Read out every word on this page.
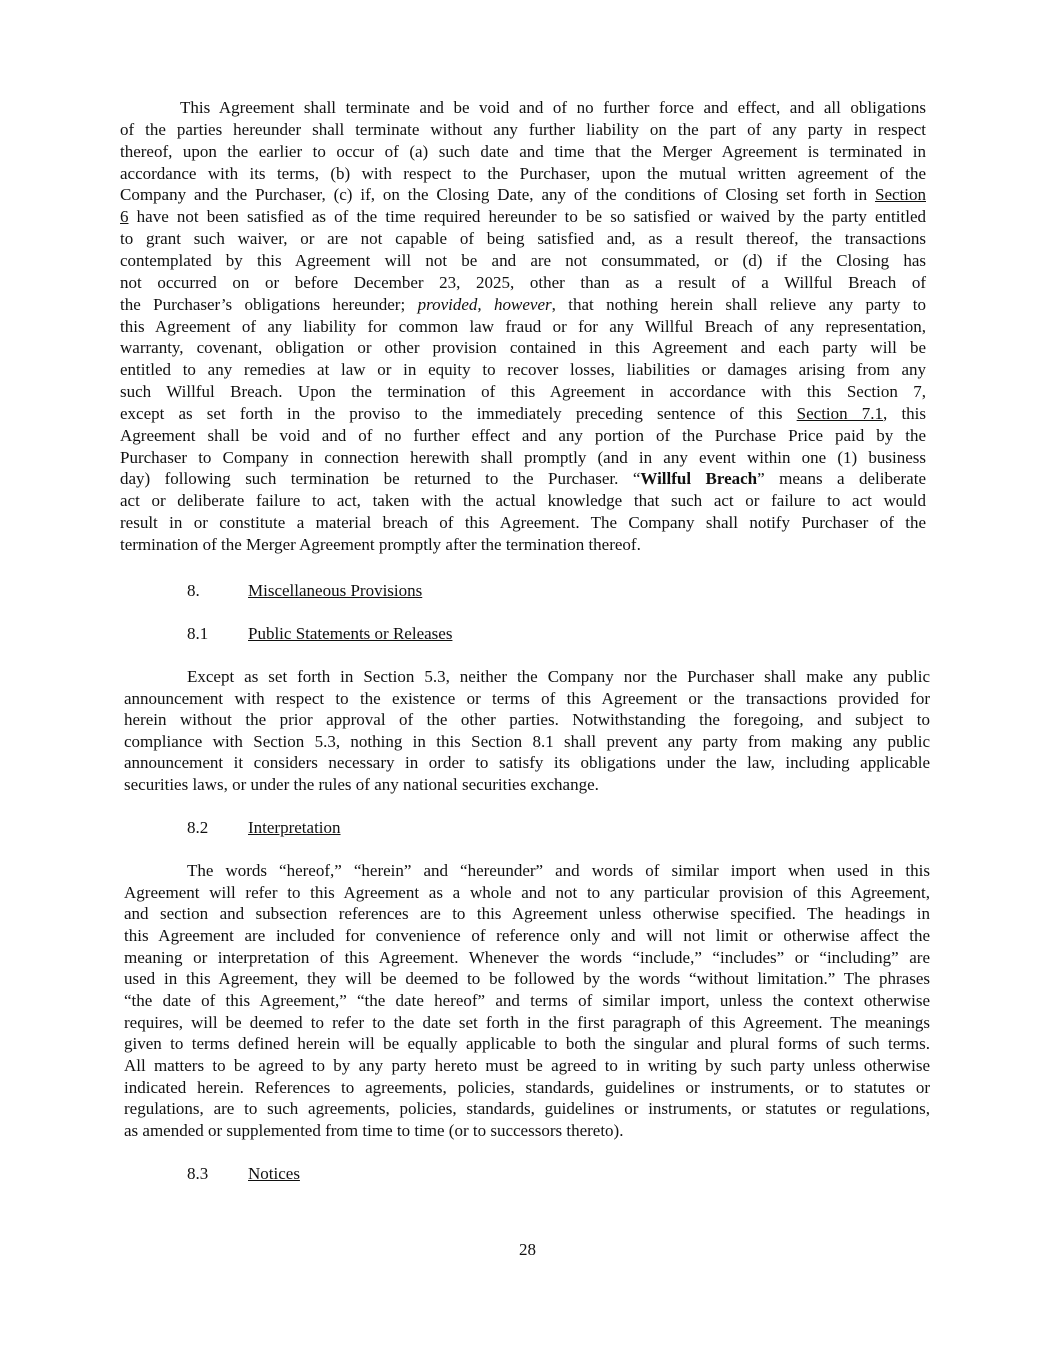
This Agreement shall terminate and be void and of no further force and effect, and all obligations
of the parties hereunder shall terminate without any further liability on the part of any party in respect
thereof, upon the earlier to occur of (a) such date and time that the Merger Agreement is terminated in
accordance with its terms, (b) with respect to the Purchaser, upon the mutual written agreement of the
Company and the Purchaser, (c) if, on the Closing Date, any of the conditions of Closing set forth in Section
6 have not been satisfied as of the time required hereunder to be so satisfied or waived by the party entitled
to grant such waiver, or are not capable of being satisfied and, as a result thereof, the transactions
contemplated by this Agreement will not be and are not consummated, or (d) if the Closing has
not occurred on or before December 23, 2025, other than as a result of a Willful Breach of
the Purchaser’s obligations hereunder; provided, however, that nothing herein shall relieve any party to
this Agreement of any liability for common law fraud or for any Willful Breach of any representation,
warranty, covenant, obligation or other provision contained in this Agreement and each party will be
entitled to any remedies at law or in equity to recover losses, liabilities or damages arising from any
such Willful Breach. Upon the termination of this Agreement in accordance with this Section 7,
except as set forth in the proviso to the immediately preceding sentence of this Section 7.1, this
Agreement shall be void and of no further effect and any portion of the Purchase Price paid by the
Purchaser to Company in connection herewith shall promptly (and in any event within one (1) business
day) following such termination be returned to the Purchaser. “Willful Breach” means a deliberate
act or deliberate failure to act, taken with the actual knowledge that such act or failure to act would
result in or constitute a material breach of this Agreement. The Company shall notify Purchaser of the
termination of the Merger Agreement promptly after the termination thereof.
8.	Miscellaneous Provisions
8.1 Public Statements or Releases
Except as set forth in Section 5.3, neither the Company nor the Purchaser shall make any public
announcement with respect to the existence or terms of this Agreement or the transactions provided for
herein without the prior approval of the other parties. Notwithstanding the foregoing, and subject to
compliance with Section 5.3, nothing in this Section 8.1 shall prevent any party from making any public
announcement it considers necessary in order to satisfy its obligations under the law, including applicable
securities laws, or under the rules of any national securities exchange.
8.2 Interpretation
The words “hereof,” “herein” and “hereunder” and words of similar import when used in this
Agreement will refer to this Agreement as a whole and not to any particular provision of this Agreement,
and section and subsection references are to this Agreement unless otherwise specified. The headings in
this Agreement are included for convenience of reference only and will not limit or otherwise affect the
meaning or interpretation of this Agreement. Whenever the words “include,” “includes” or “including” are
used in this Agreement, they will be deemed to be followed by the words “without limitation.” The phrases
“the date of this Agreement,” “the date hereof” and terms of similar import, unless the context otherwise
requires, will be deemed to refer to the date set forth in the first paragraph of this Agreement. The meanings
given to terms defined herein will be equally applicable to both the singular and plural forms of such terms.
All matters to be agreed to by any party hereto must be agreed to in writing by such party unless otherwise
indicated herein. References to agreements, policies, standards, guidelines or instruments, or to statutes or
regulations, are to such agreements, policies, standards, guidelines or instruments, or statutes or regulations,
as amended or supplemented from time to time (or to successors thereto).
8.3 Notices
28
